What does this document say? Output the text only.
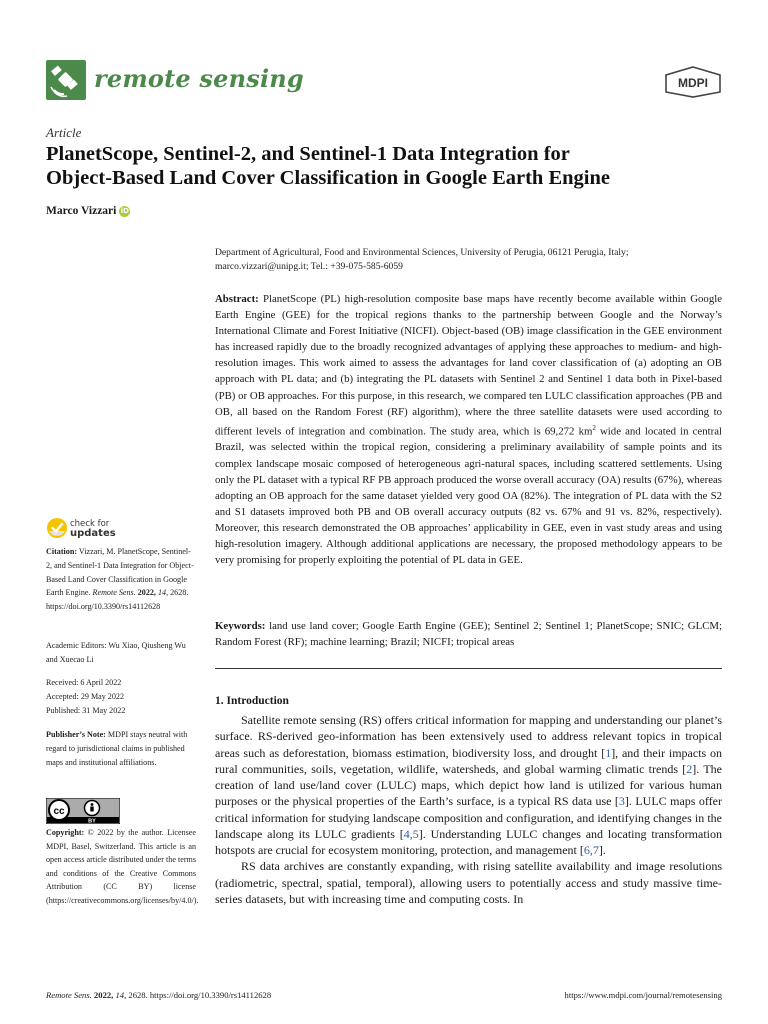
remote sensing	MDPI
Article
PlanetScope, Sentinel-2, and Sentinel-1 Data Integration for
Object-Based Land Cover Classification in Google Earth Engine
Marco Vizzari iD
Department of Agricultural, Food and Environmental Sciences, University of Perugia, 06121 Perugia, Italy;
marco.vizzari@unipg.it; Tel.: +39-075-585-6059
Abstract: PlanetScope (PL) high-resolution composite base maps have recently become available within Google Earth Engine (GEE) for the tropical regions thanks to the partnership between Google and the Norway’s International Climate and Forest Initiative (NICFI). Object-based (OB) image classification in the GEE environment has increased rapidly due to the broadly recognized advantages of applying these approaches to medium- and high-resolution images. This work aimed to assess the advantages for land cover classification of (a) adopting an OB approach with PL data; and (b) integrating the PL datasets with Sentinel 2 and Sentinel 1 data both in Pixel-based (PB) or OB approaches. For this purpose, in this research, we compared ten LULC classification approaches (PB and OB, all based on the Random Forest (RF) algorithm), where the three satellite datasets were used according to different levels of integration and combination. The study area, which is 69,272 $km^2$ wide and located in central Brazil, was selected within the tropical region, considering a preliminary availability of sample points and its complex landscape mosaic composed of heterogeneous agri-natural spaces, including scattered settlements. Using only the PL dataset with a typical RF PB approach produced the worse overall accuracy (OA) results (67%), whereas adopting an OB approach for the same dataset yielded very good OA (82%). The integration of PL data with the S2 and S1 datasets improved both PB and OB overall accuracy outputs (82 vs. 67% and 91 vs. 82%, respectively). Moreover, this research demonstrated the OB approaches’ applicability in GEE, even in vast study areas and using high-resolution imagery. Although additional applications are necessary, the proposed methodology appears to be very promising for properly exploiting the potential of PL data in GEE.
Keywords: land use land cover; Google Earth Engine (GEE); Sentinel 2; Sentinel 1; PlanetScope; SNIC; GLCM; Random Forest (RF); machine learning; Brazil; NICFI; tropical areas
1. Introduction

Satellite remote sensing (RS) offers critical information for mapping and understanding our planet’s surface. RS-derived geo-information has been extensively used to address relevant topics in tropical areas such as deforestation, biomass estimation, biodiversity loss, and drought [1], and their impacts on rural communities, soils, vegetation, wildlife, watersheds, and global warming climatic trends [2]. The creation of land use/land cover (LULC) maps, which depict how land is utilized for various human purposes or the physical properties of the Earth’s surface, is a typical RS data use [3]. LULC maps offer critical information for studying landscape composition and configuration, and identifying changes in the landscape along its LULC gradients [4,5]. Understanding LULC changes and locating transformation hotspots are crucial for ecosystem monitoring, protection, and management [6,7].

RS data archives are constantly expanding, with rising satellite availability and image resolutions (radiometric, spectral, spatial, temporal), allowing users to potentially access and study massive time-series datasets, but with increasing time and computing costs. In

check for
updates
Citation: Vizzari, M. PlanetScope, Sentinel-2, and Sentinel-1 Data Integration for Object-Based Land Cover Classification in Google Earth Engine. Remote Sens. 2022, 14, 2628. https://doi.org/10.3390/rs14112628
Academic Editors: Wu Xiao, Qiusheng Wu and Xuecao Li
Received: 6 April 2022
Accepted: 29 May 2022
Published: 31 May 2022
Publisher’s Note: MDPI stays neutral with regard to jurisdictional claims in published maps and institutional affiliations.
cc
BY
Copyright: © 2022 by the author. Licensee MDPI, Basel, Switzerland. This article is an open access article distributed under the terms and conditions of the Creative Commons Attribution (CC BY) license (https://creativecommons.org/licenses/by/4.0/).
Remote Sens. 2022, 14, 2628. https://doi.org/10.3390/rs14112628	https://www.mdpi.com/journal/remotesensing
